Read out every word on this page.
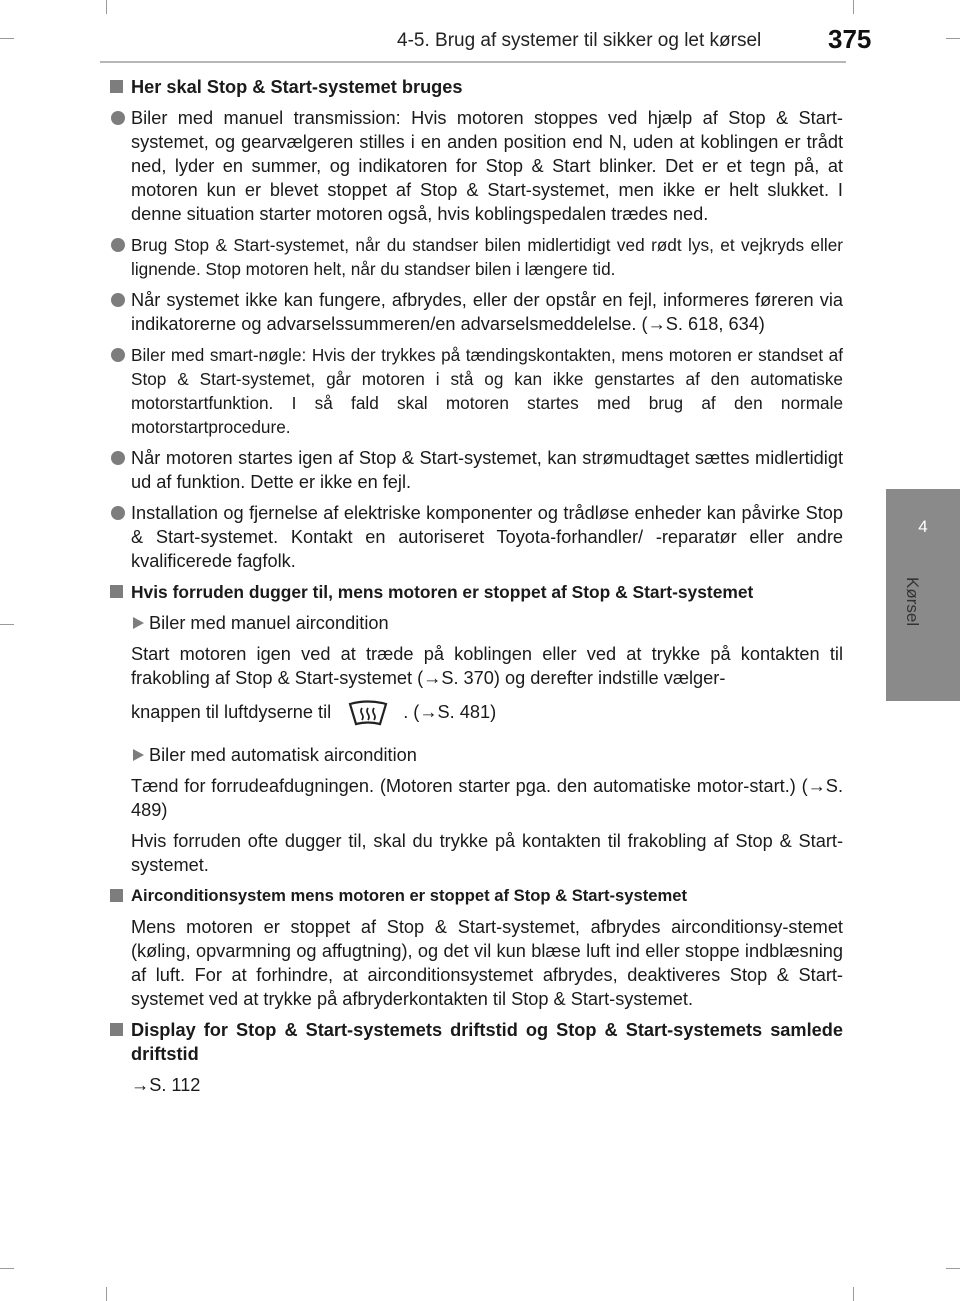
4-5. Brug af systemer til sikker og let kørsel	375
4
Kørsel
Her skal Stop & Start-systemet bruges
Biler med manuel transmission: Hvis motoren stoppes ved hjælp af Stop & Start-systemet, og gearvælgeren stilles i en anden position end N, uden at koblingen er trådt ned, lyder en summer, og indikatoren for Stop & Start blinker. Det er et tegn på, at motoren kun er blevet stoppet af Stop & Start-systemet, men ikke er helt slukket. I denne situation starter motoren også, hvis koblingspedalen trædes ned.
Brug Stop & Start-systemet, når du standser bilen midlertidigt ved rødt lys, et vejkryds eller lignende. Stop motoren helt, når du standser bilen i længere tid.
Når systemet ikke kan fungere, afbrydes, eller der opstår en fejl, informeres føreren via indikatorerne og advarselssummeren/en advarselsmeddelelse. (→S. 618, 634)
Biler med smart-nøgle: Hvis der trykkes på tændingskontakten, mens motoren er standset af Stop & Start-systemet, går motoren i stå og kan ikke genstartes af den automatiske motorstartfunktion. I så fald skal motoren startes med brug af den normale motorstartprocedure.
Når motoren startes igen af Stop & Start-systemet, kan strømudtaget sættes midlertidigt ud af funktion. Dette er ikke en fejl.
Installation og fjernelse af elektriske komponenter og trådløse enheder kan påvirke Stop & Start-systemet. Kontakt en autoriseret Toyota-forhandler/ -reparatør eller andre kvalificerede fagfolk.
Hvis forruden dugger til, mens motoren er stoppet af Stop & Start-systemet
Biler med manuel aircondition
Start motoren igen ved at træde på koblingen eller ved at trykke på kontakten til frakobling af Stop & Start-systemet (→S. 370) og derefter indstille vælger-
knappen til luftdyserne til	. (→S. 481)
Biler med automatisk aircondition
Tænd for forrudeafdugningen. (Motoren starter pga. den automatiske motor-start.) (→S. 489)
Hvis forruden ofte dugger til, skal du trykke på kontakten til frakobling af Stop & Start-systemet.
Airconditionsystem mens motoren er stoppet af Stop & Start-systemet
Mens motoren er stoppet af Stop & Start-systemet, afbrydes airconditionsy-stemet (køling, opvarmning og affugtning), og det vil kun blæse luft ind eller stoppe indblæsning af luft. For at forhindre, at airconditionsystemet afbrydes, deaktiveres Stop & Start-systemet ved at trykke på afbryderkontakten til Stop & Start-systemet.
Display for Stop & Start-systemets driftstid og Stop & Start-systemets samlede driftstid
→S. 112
